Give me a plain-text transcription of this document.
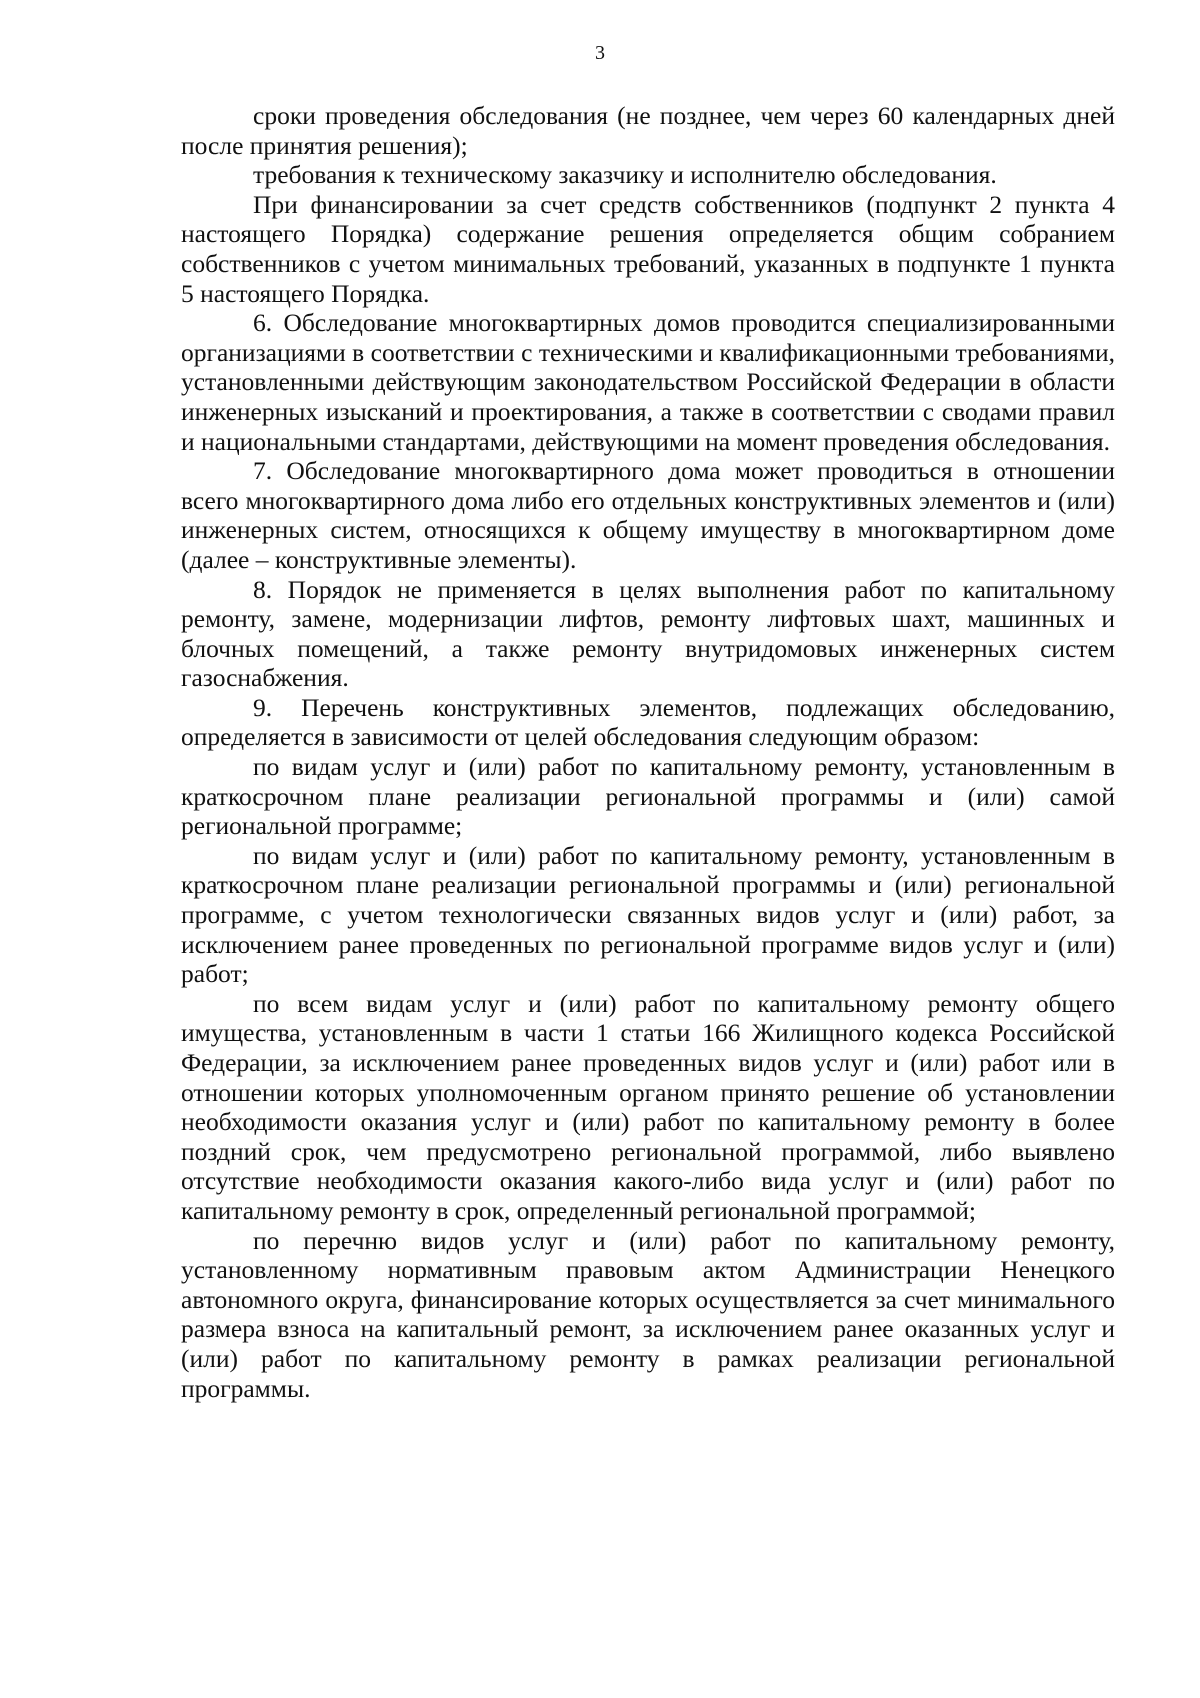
3

сроки проведения обследования (не позднее, чем через 60 календарных дней после принятия решения);

требования к техническому заказчику и исполнителю обследования.

При финансировании за счет средств собственников (подпункт 2 пункта 4 настоящего Порядка) содержание решения определяется общим собранием собственников с учетом минимальных требований, указанных в подпункте 1 пункта 5 настоящего Порядка.

6. Обследование многоквартирных домов проводится специализированными организациями в соответствии с техническими и квалификационными требованиями, установленными действующим законодательством Российской Федерации в области инженерных изысканий и проектирования, а также в соответствии с сводами правил и национальными стандартами, действующими на момент проведения обследования.

7. Обследование многоквартирного дома может проводиться в отношении всего многоквартирного дома либо его отдельных конструктивных элементов и (или) инженерных систем, относящихся к общему имуществу в многоквартирном доме (далее – конструктивные элементы).

8. Порядок не применяется в целях выполнения работ по капитальному ремонту, замене, модернизации лифтов, ремонту лифтовых шахт, машинных и блочных помещений, а также ремонту внутридомовых инженерных систем газоснабжения.

9. Перечень конструктивных элементов, подлежащих обследованию, определяется в зависимости от целей обследования следующим образом:

по видам услуг и (или) работ по капитальному ремонту, установленным в краткосрочном плане реализации региональной программы и (или) самой региональной программе;

по видам услуг и (или) работ по капитальному ремонту, установленным в краткосрочном плане реализации региональной программы и (или) региональной программе, с учетом технологически связанных видов услуг и (или) работ, за исключением ранее проведенных по региональной программе видов услуг и (или) работ;

по всем видам услуг и (или) работ по капитальному ремонту общего имущества, установленным в части 1 статьи 166 Жилищного кодекса Российской Федерации, за исключением ранее проведенных видов услуг и (или) работ или в отношении которых уполномоченным органом принято решение об установлении необходимости оказания услуг и (или) работ по капитальному ремонту в более поздний срок, чем предусмотрено региональной программой, либо выявлено отсутствие необходимости оказания какого-либо вида услуг и (или) работ по капитальному ремонту в срок, определенный региональной программой;

по перечню видов услуг и (или) работ по капитальному ремонту, установленному нормативным правовым актом Администрации Ненецкого автономного округа, финансирование которых осуществляется за счет минимального размера взноса на капитальный ремонт, за исключением ранее оказанных услуг и (или) работ по капитальному ремонту в рамках реализации региональной программы.
